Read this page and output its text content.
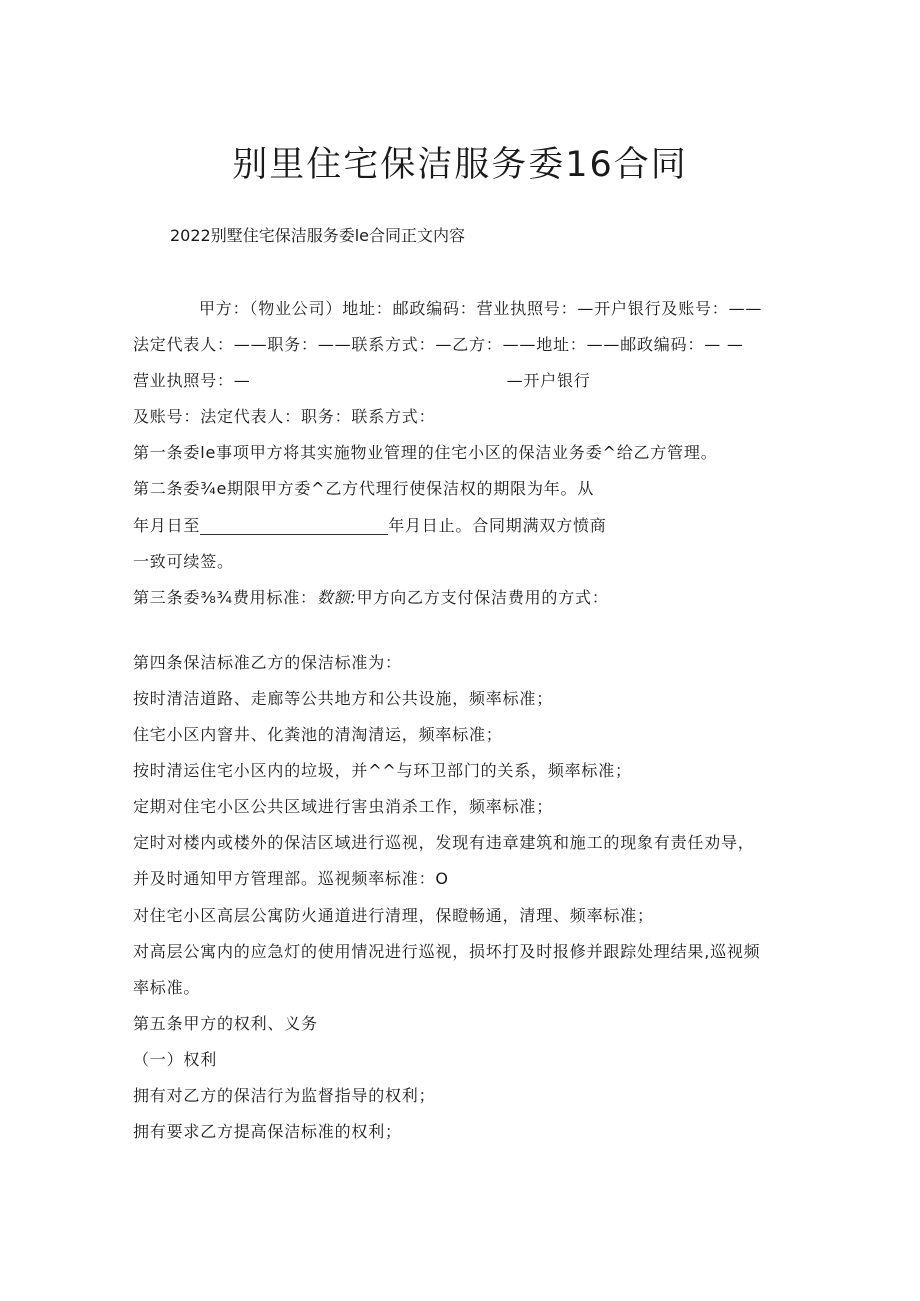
别里住宅保洁服务委16合同
2022别墅住宅保洁服务委le合同正文内容
甲方：（物业公司）地址：邮政编码：营业执照号：—开户银行及账号：——
法定代表人：——职务：——联系方式：—乙方：——地址：——邮政编码：— —
营业执照号：—	—开户银行
及账号：法定代表人：职务：联系方式：
第一条委le事项甲方将其实施物业管理的住宅小区的保洁业务委^给乙方管理。
第二条委¾e期限甲方委^乙方代理行使保洁权的期限为年。从
年月日至	年月日止。合同期满双方愤商
一致可续签。
第三条委⅜¾费用标准：数额:甲方向乙方支付保洁费用的方式：
第四条保洁标准乙方的保洁标准为：
按时清洁道路、走廊等公共地方和公共设施，频率标准；
住宅小区内窨井、化粪池的清淘清运，频率标准；
按时清运住宅小区内的垃圾，并^^与环卫部门的关系，频率标准；
定期对住宅小区公共区域进行害虫消杀工作，频率标准；
定时对楼内或楼外的保洁区域进行巡视，发现有违章建筑和施工的现象有责任劝导，
并及时通知甲方管理部。巡视频率标准：O
对住宅小区高层公寓防火通道进行清理，保瞪畅通，清理、频率标准；
对高层公寓内的应急灯的使用情况进行巡视，损坏打及时报修并跟踪处理结果,巡视频
率标准。
第五条甲方的权利、义务
（一）权利
拥有对乙方的保洁行为监督指导的权利；
拥有要求乙方提高保洁标准的权利；
